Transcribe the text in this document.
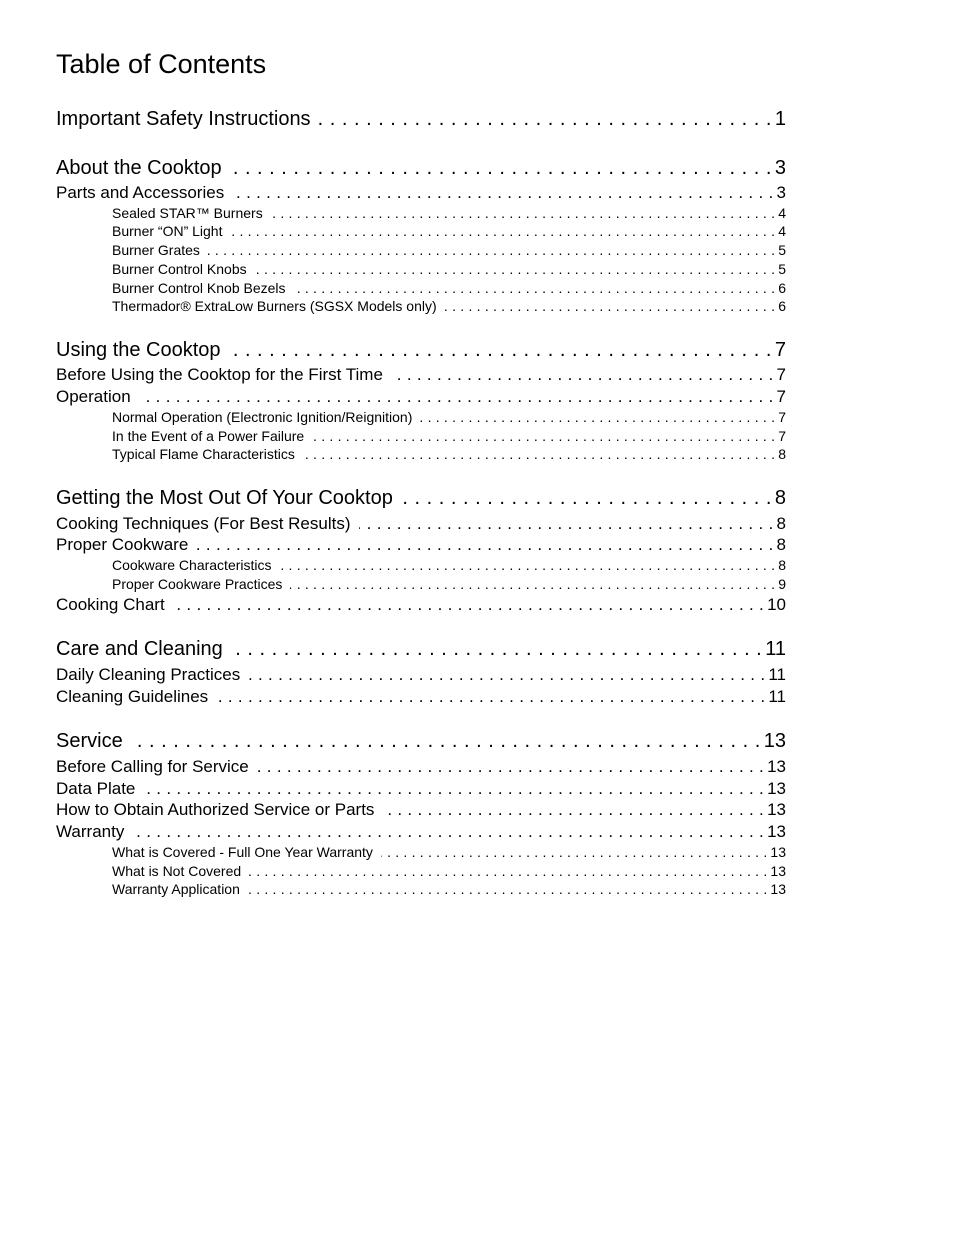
Table of Contents
Important Safety Instructions . . .	1
About the Cooktop . . .	3
Parts and Accessories . . .	3
Sealed STAR™ Burners . . .	4
Burner “ON” Light . . .	4
Burner Grates . . .	5
Burner Control Knobs . . .	5
Burner Control Knob Bezels . . .	6
Thermador® ExtraLow Burners (SGSX Models only) . . .	6
Using the Cooktop . . .	7
Before Using the Cooktop for the First Time . . .	7
Operation . . .	7
Normal Operation (Electronic Ignition/Reignition) . . .	7
In the Event of a Power Failure . . .	7
Typical Flame Characteristics . . .	8
Getting the Most Out Of Your Cooktop . . .	8
Cooking Techniques (For Best Results) . . .	8
Proper Cookware . . .	8
Cookware Characteristics . . .	8
Proper Cookware Practices . . .	9
Cooking Chart . . .	10
Care and Cleaning . . .	11
Daily Cleaning Practices . . .	11
Cleaning Guidelines . . .	11
Service . . .	13
Before Calling for Service . . .	13
Data Plate . . .	13
How to Obtain Authorized Service or Parts . . .	13
Warranty . . .	13
What is Covered - Full One Year Warranty . . .	13
What is Not Covered . . .	13
Warranty Application . . .	13
